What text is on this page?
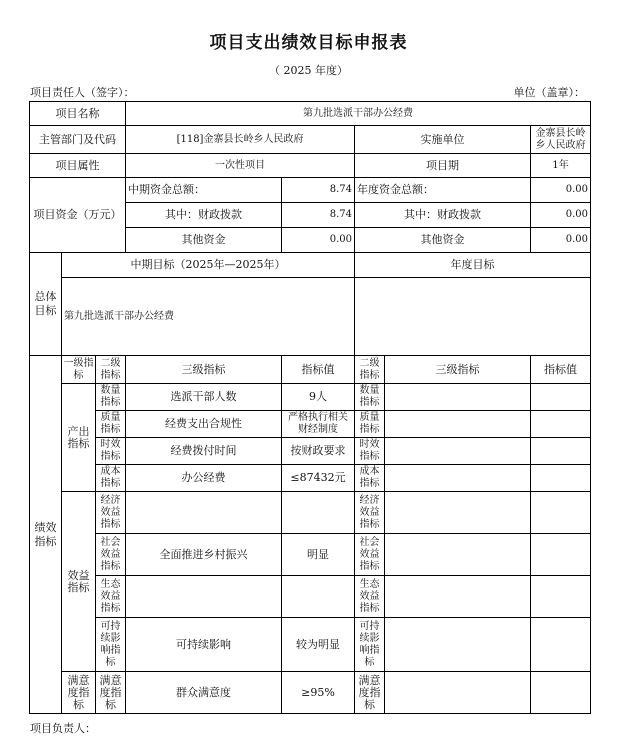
项目支出绩效目标申报表
（ 2025 年度）
项目责任人（签字）：	单位（盖章）：
项目名称			第九批选派干部办公经费				
主管部门及代码			[118]金寨县长岭乡人民政府		实施单位		金寨县长岭乡人民政府
项目属性			一次性项目		项目期		1年
项目资金（万元）			中期资金总额：	8.74	年度资金总额：		0.00
			其中：财政拨款	8.74	其中：财政拨款		0.00
			其他资金	0.00	其他资金		0.00
总体目标	中期目标（2025年—2025年）				年度目标		
	第九批选派干部办公经费						
绩效指标	一级指标	二级指标	三级指标	指标值	二级指标	三级指标	指标值
	产出指标	数量指标	选派干部人数	9人	数量指标		
		质量指标	经费支出合规性	严格执行相关财经制度	质量指标		
		时效指标	经费拨付时间	按财政要求	时效指标		
		成本指标	办公经费	≤87432元	成本指标		
	效益指标	经济效益指标			经济效益指标		
		社会效益指标	全面推进乡村振兴	明显	社会效益指标		
		生态效益指标			生态效益指标		
		可持续影响指标	可持续影响	较为明显	可持续影响指标		
	满意度指标	满意度指标	群众满意度	≥95%	满意度指标		
项目负责人：
